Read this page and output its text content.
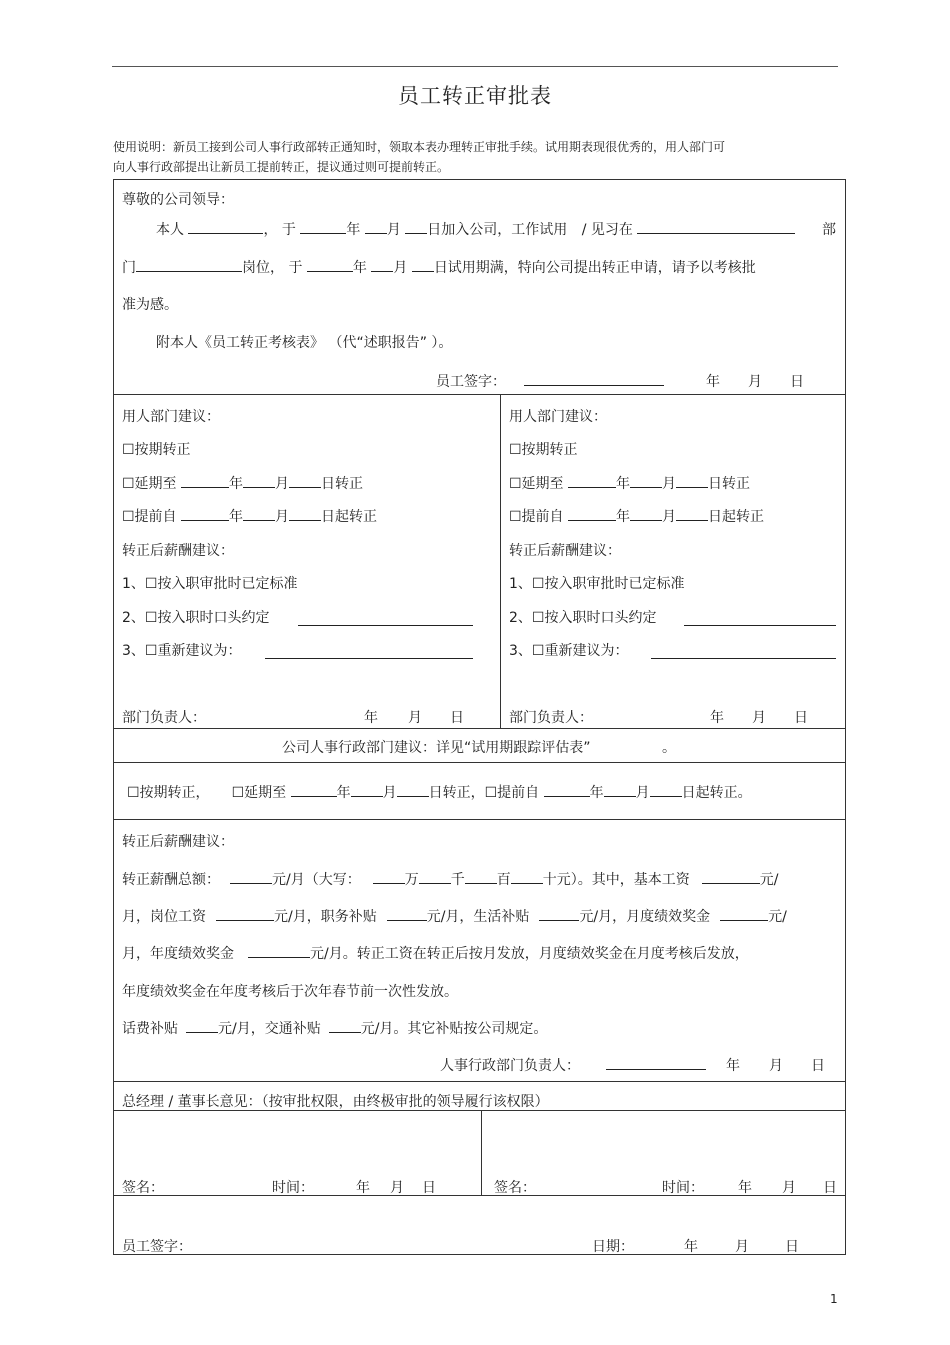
员工转正审批表
使用说明：新员工接到公司人事行政部转正通知时，领取本表办理转正审批手续。试用期表现很优秀的，用人部门可
向人事行政部提出让新员工提前转正，提议通过则可提前转正。
尊敬的公司领导：
本人	， 于	年 月 日加入公司，工作试用 / 见习在	部
门	岗位， 于	年 月 日试用期满，特向公司提出转正申请，请予以考核批
准为感。
附本人《员工转正考核表》 （代“述职报告” ）。
员工签字：	年 月 日
用人部门建议：
☐按期转正
☐延期至	年 月 日转正
☐提前自	年 月 日起转正
转正后薪酬建议：
1、☐按入职审批时已定标准
2、☐按入职时口头约定
3、☐重新建议为：
部门负责人：	年 月 日
用人部门建议：
☐按期转正
☐延期至	年 月 日转正
☐提前自	年 月 日起转正
转正后薪酬建议：
1、☐按入职审批时已定标准
2、☐按入职时口头约定
3、☐重新建议为：
部门负责人：	年 月 日
公司人事行政部门建议：详见“试用期跟踪评估表”	。
☐按期转正， ☐延期至	年 月 日转正，☐提前自	年 月 日起转正。
转正后薪酬建议：
转正薪酬总额：	元/月（大写：	万 千 百 十元）。其中，基本工资	元/
月，岗位工资	元/月，职务补贴	元/月，生活补贴	元/月，月度绩效奖金	元/
月，年度绩效奖金	元/月。转正工资在转正后按月发放，月度绩效奖金在月度考核后发放，
年度绩效奖金在年度考核后于次年春节前一次性发放。
话费补贴	元/月，交通补贴	元/月。其它补贴按公司规定。
人事行政部门负责人：	年 月 日
总经理 / 董事长意见：（按审批权限，由终极审批的领导履行该权限）
签名：	时间：	年 月 日	签名：	时间： 年 月 日
员工签字：	日期：	年	月	日
1
